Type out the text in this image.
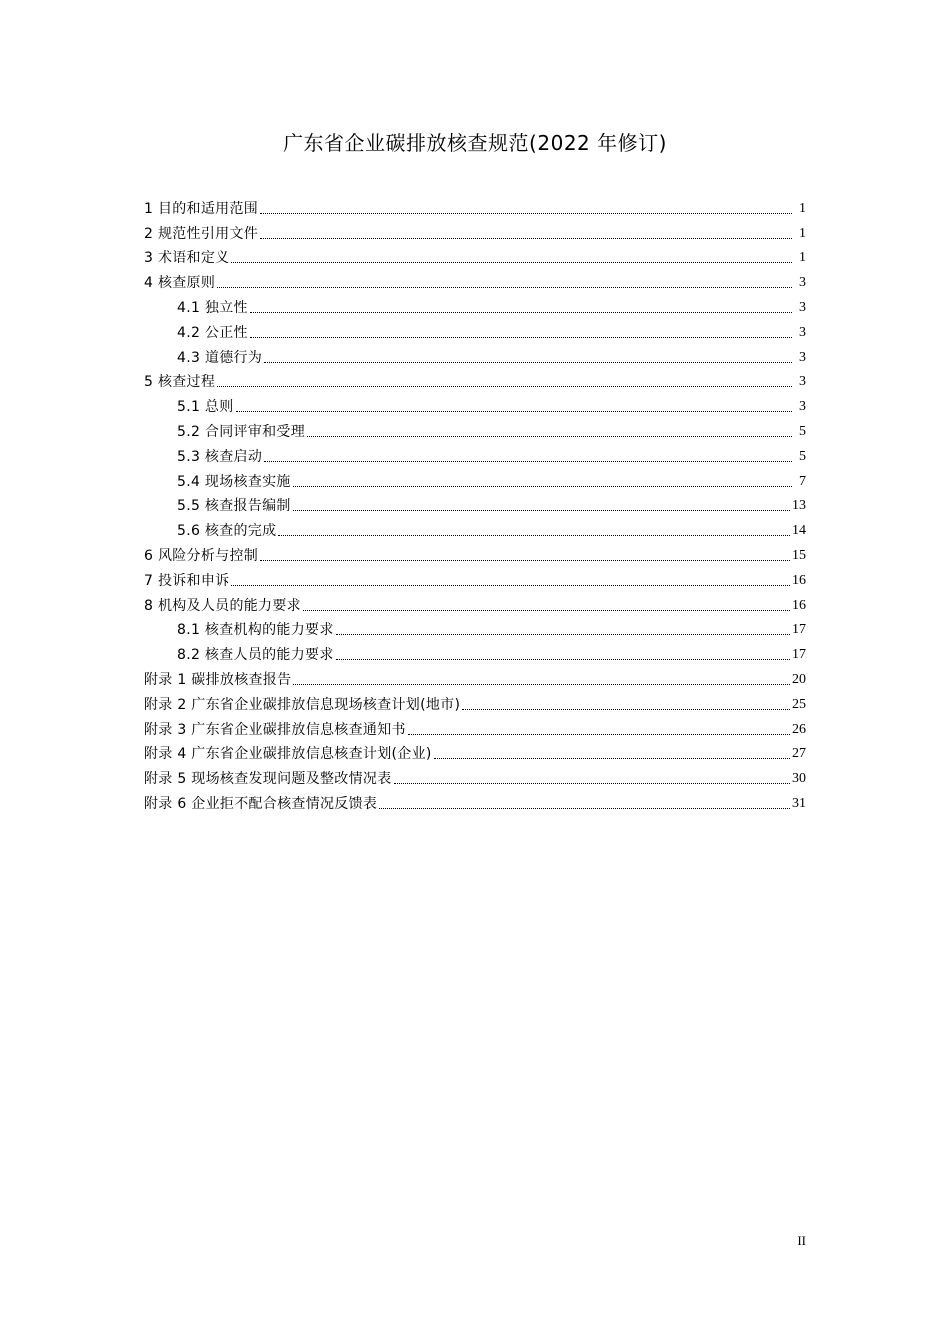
广东省企业碳排放核查规范(2022 年修订)
1 目的和适用范围	1
2 规范性引用文件	1
3 术语和定义	1
4 核查原则	3
4.1 独立性	3
4.2 公正性	3
4.3 道德行为	3
5 核查过程	3
5.1 总则	3
5.2 合同评审和受理	5
5.3 核查启动	5
5.4 现场核查实施	7
5.5 核查报告编制	13
5.6 核查的完成	14
6 风险分析与控制	15
7 投诉和申诉	16
8 机构及人员的能力要求	16
8.1 核查机构的能力要求	17
8.2 核查人员的能力要求	17
附录 1 碳排放核查报告	20
附录 2 广东省企业碳排放信息现场核查计划(地市)	25
附录 3 广东省企业碳排放信息核查通知书	26
附录 4 广东省企业碳排放信息核查计划(企业)	27
附录 5 现场核查发现问题及整改情况表	30
附录 6 企业拒不配合核查情况反馈表	31
II
